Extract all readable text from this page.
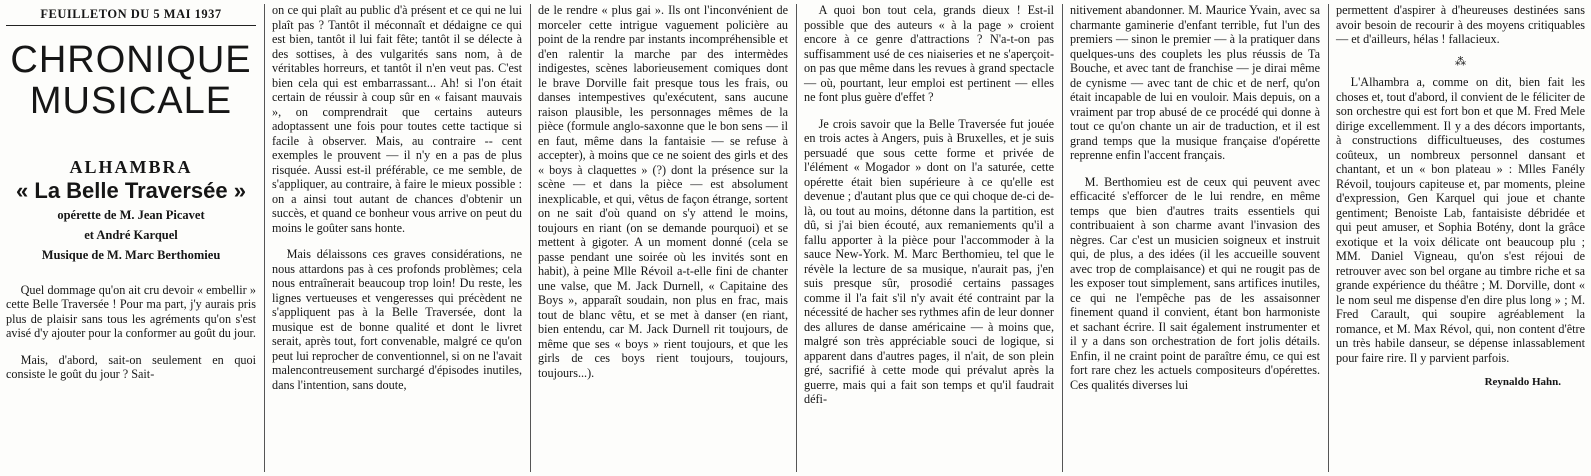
FEUILLETON DU 5 MAI 1937
CHRONIQUE
MUSICALE
ALHAMBRA
« La Belle Traversée »
opérette de M. Jean Picavet
et André Karquel
Musique de M. Marc Berthomieu

Quel dommage qu'on ait cru devoir « embellir » cette Belle Traversée ! Pour ma part, j'y aurais pris plus de plaisir sans tous les agréments qu'on s'est avisé d'y ajouter pour la conformer au goût du jour.

Mais, d'abord, sait-on seulement en quoi consiste le goût du jour ? Sait-

on ce qui plaît au public d'à présent et ce qui ne lui plaît pas ? Tantôt il méconnaît et dédaigne ce qui est bien, tantôt il lui fait fête; tantôt il se délecte à des sottises, à des vulgarités sans nom, à de véritables horreurs, et tantôt il n'en veut pas. C'est bien cela qui est embarrassant... Ah! si l'on était certain de réussir à coup sûr en « faisant mauvais », on comprendrait que certains auteurs adoptassent une fois pour toutes cette tactique si facile à observer. Mais, au contraire -- cent exemples le prouvent — il n'y en a pas de plus risquée. Aussi est-il préférable, ce me semble, de s'appliquer, au contraire, à faire le mieux possible : on a ainsi tout autant de chances d'obtenir un succès, et quand ce bonheur vous arrive on peut du moins le goûter sans honte.

Mais délaissons ces graves considérations, ne nous attardons pas à ces profonds problèmes; cela nous entraînerait beaucoup trop loin! Du reste, les lignes vertueuses et vengeresses qui précèdent ne s'appliquent pas à la Belle Traversée, dont la musique est de bonne qualité et dont le livret serait, après tout, fort convenable, malgré ce qu'on peut lui reprocher de conventionnel, si on ne l'avait malencontreusement surchargé d'épisodes inutiles, dans l'intention, sans doute,

de le rendre « plus gai ». Ils ont l'inconvénient de morceler cette intrigue vaguement policière au point de la rendre par instants incompréhensible et d'en ralentir la marche par des intermèdes indigestes, scènes laborieusement comiques dont le brave Dorville fait presque tous les frais, ou danses intempestives qu'exécutent, sans aucune raison plausible, les personnages mêmes de la pièce (formule anglo-saxonne que le bon sens — il en faut, même dans la fantaisie — se refuse à accepter), à moins que ce ne soient des girls et des « boys à claquettes » (?) dont la présence sur la scène — et dans la pièce — est absolument inexplicable, et qui, vêtus de façon étrange, sortent on ne sait d'où quand on s'y attend le moins, toujours en riant (on se demande pourquoi) et se mettent à gigoter. A un moment donné (cela se passe pendant une soirée où les invités sont en habit), à peine Mlle Révoil a-t-elle fini de chanter une valse, que M. Jack Durnell, « Capitaine des Boys », apparaît soudain, non plus en frac, mais tout de blanc vêtu, et se met à danser (en riant, bien entendu, car M. Jack Durnell rit toujours, de même que ses « boys » rient toujours, et que les girls de ces boys rient toujours, toujours, toujours...).

A quoi bon tout cela, grands dieux ! Est-il possible que des auteurs « à la page » croient encore à ce genre d'attractions ? N'a-t-on pas suffisamment usé de ces niaiseries et ne s'aperçoit-on pas que même dans les revues à grand spectacle — où, pourtant, leur emploi est pertinent — elles ne font plus guère d'effet ?

Je crois savoir que la Belle Traversée fut jouée en trois actes à Angers, puis à Bruxelles, et je suis persuadé que sous cette forme et privée de l'élément « Mogador » dont on l'a saturée, cette opérette était bien supérieure à ce qu'elle est devenue ; d'autant plus que ce qui choque de-ci de-là, ou tout au moins, détonne dans la partition, est dû, si j'ai bien écouté, aux remaniements qu'il a fallu apporter à la pièce pour l'accommoder à la sauce New-York. M. Marc Berthomieu, tel que le révèle la lecture de sa musique, n'aurait pas, j'en suis presque sûr, prosodié certains passages comme il l'a fait s'il n'y avait été contraint par la nécessité de hacher ses rythmes afin de leur donner des allures de danse américaine — à moins que, malgré son très appréciable souci de logique, si apparent dans d'autres pages, il n'ait, de son plein gré, sacrifié à cette mode qui prévalut après la guerre, mais qui a fait son temps et qu'il faudrait défi-

nitivement abandonner. M. Maurice Yvain, avec sa charmante gaminerie d'enfant terrible, fut l'un des premiers — sinon le premier — à la pratiquer dans quelques-uns des couplets les plus réussis de Ta Bouche, et avec tant de franchise — je dirai même de cynisme — avec tant de chic et de nerf, qu'on était incapable de lui en vouloir. Mais depuis, on a vraiment par trop abusé de ce procédé qui donne à tout ce qu'on chante un air de traduction, et il est grand temps que la musique française d'opérette reprenne enfin l'accent français.

M. Berthomieu est de ceux qui peuvent avec efficacité s'efforcer de le lui rendre, en même temps que bien d'autres traits essentiels qui contribuaient à son charme avant l'invasion des nègres. Car c'est un musicien soigneux et instruit qui, de plus, a des idées (il les accueille souvent avec trop de complaisance) et qui ne rougit pas de les exposer tout simplement, sans artifices inutiles, ce qui ne l'empêche pas de les assaisonner finement quand il convient, étant bon harmoniste et sachant écrire. Il sait également instrumenter et il y a dans son orchestration de fort jolis détails. Enfin, il ne craint point de paraître ému, ce qui est fort rare chez les actuels compositeurs d'opérettes. Ces qualités diverses lui

permettent d'aspirer à d'heureuses destinées sans avoir besoin de recourir à des moyens critiquables — et d'ailleurs, hélas ! fallacieux.

⁂

L'Alhambra a, comme on dit, bien fait les choses et, tout d'abord, il convient de le féliciter de son orchestre qui est fort bon et que M. Fred Mele dirige excellemment. Il y a des décors importants, à constructions difficultueuses, des costumes coûteux, un nombreux personnel dansant et chantant, et un « bon plateau » : Mlles Fanély Révoil, toujours capiteuse et, par moments, pleine d'expression, Gen Karquel qui joue et chante gentiment; Benoiste Lab, fantaisiste débridée et qui peut amuser, et Sophia Botény, dont la grâce exotique et la voix délicate ont beaucoup plu ; MM. Daniel Vigneau, qu'on s'est réjoui de retrouver avec son bel organe au timbre riche et sa grande expérience du théâtre ; M. Dorville, dont « le nom seul me dispense d'en dire plus long » ; M. Fred Carault, qui soupire agréablement la romance, et M. Max Révol, qui, non content d'être un très habile danseur, se dépense inlassablement pour faire rire. Il y parvient parfois.

Reynaldo Hahn.
